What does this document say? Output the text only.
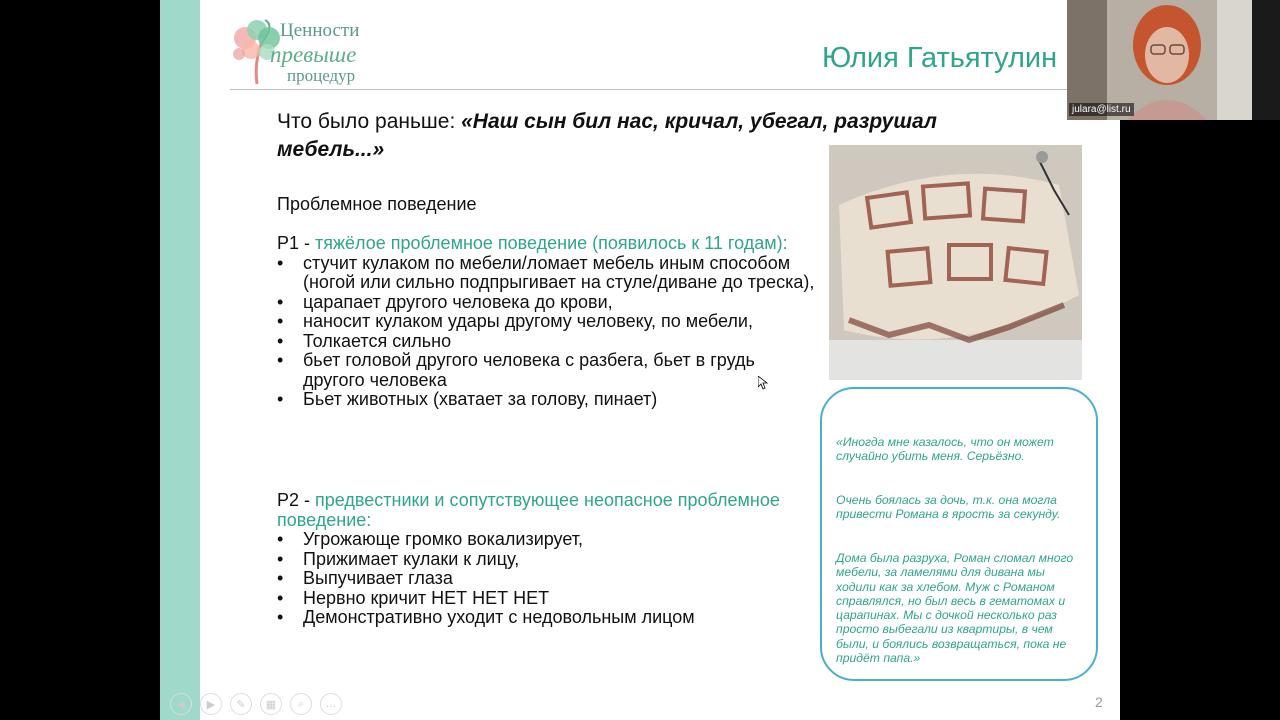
Ценности
превыше
процедур
Юлия Гатьятулин
Что было раньше: «Наш сын бил нас, кричал, убегал, разрушал мебель...»
Проблемное поведение
Р1 - тяжёлое проблемное поведение (появилось к 11 годам):
• стучит кулаком по мебели/ломает мебель иным способом (ногой или сильно подпрыгивает на стуле/диване до треска),
• царапает другого человека до крови,
• наносит кулаком удары другому человеку, по мебели,
• Толкается сильно
• бьет головой другого человека с разбега, бьет в грудь другого человека
• Бьет животных (хватает за голову, пинает)
Р2 - предвестники и сопутствующее неопасное проблемное поведение:
• Угрожающе громко вокализирует,
• Прижимает кулаки к лицу,
• Выпучивает глаза
• Нервно кричит НЕТ НЕТ НЕТ
• Демонстративно уходит с недовольным лицом
«Иногда мне казалось, что он может случайно убить меня. Серьёзно.
Очень боялась за дочь, т.к. она могла привести Романа в ярость за секунду.
Дома была разруха, Роман сломал много мебели, за ламелями для дивана мы ходили как за хлебом. Муж с Романом справлялся, но был весь в гематомах и царапинах. Мы с дочкой несколько раз просто выбегали из квартиры, в чем были, и боялись возвращаться, пока не придёт папа.»
2
◀	▶	✎	▦	⌕	…
julara@list.ru
